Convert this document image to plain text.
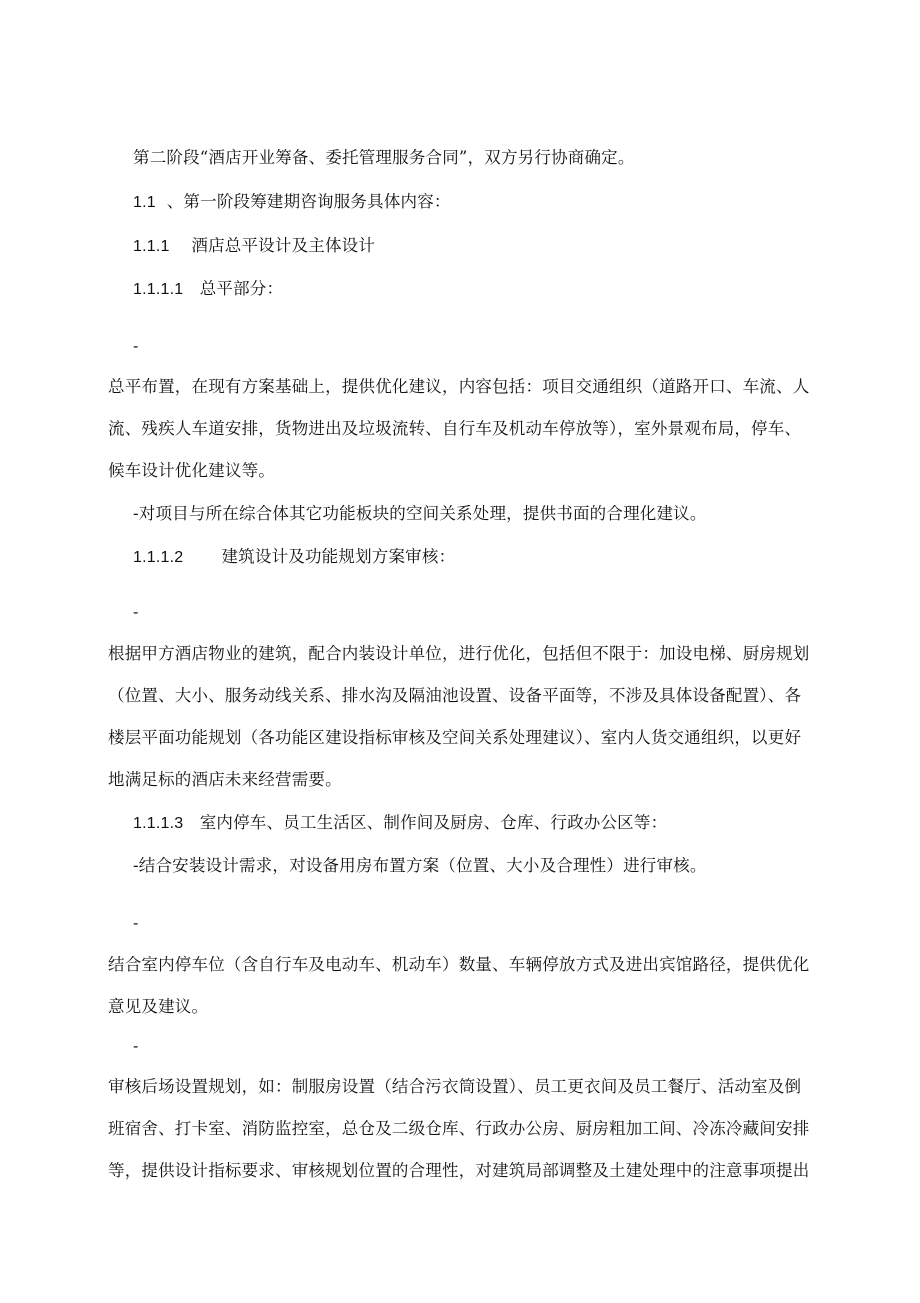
第二阶段“酒店开业筹备、委托管理服务合同”，双方另行协商确定。
1.1 、第一阶段筹建期咨询服务具体内容：
1.1.1 酒店总平设计及主体设计
1.1.1.1 总平部分：
-
总平布置，在现有方案基础上，提供优化建议，内容包括：项目交通组织（道路开口、车流、人
流、残疾人车道安排，货物进出及垃圾流转、自行车及机动车停放等），室外景观布局，停车、
候车设计优化建议等。
-对项目与所在综合体其它功能板块的空间关系处理，提供书面的合理化建议。
1.1.1.2 建筑设计及功能规划方案审核：
-
根据甲方酒店物业的建筑，配合内装设计单位，进行优化，包括但不限于：加设电梯、厨房规划
（位置、大小、服务动线关系、排水沟及隔油池设置、设备平面等，不涉及具体设备配置）、各
楼层平面功能规划（各功能区建设指标审核及空间关系处理建议）、室内人货交通组织，以更好
地满足标的酒店未来经营需要。
1.1.1.3 室内停车、员工生活区、制作间及厨房、仓库、行政办公区等：
-结合安装设计需求，对设备用房布置方案（位置、大小及合理性）进行审核。
-
结合室内停车位（含自行车及电动车、机动车）数量、车辆停放方式及进出宾馆路径，提供优化
意见及建议。
-
审核后场设置规划，如：制服房设置（结合污衣筒设置）、员工更衣间及员工餐厅、活动室及倒
班宿舍、打卡室、消防监控室，总仓及二级仓库、行政办公房、厨房粗加工间、冷冻冷藏间安排
等，提供设计指标要求、审核规划位置的合理性，对建筑局部调整及土建处理中的注意事项提出
